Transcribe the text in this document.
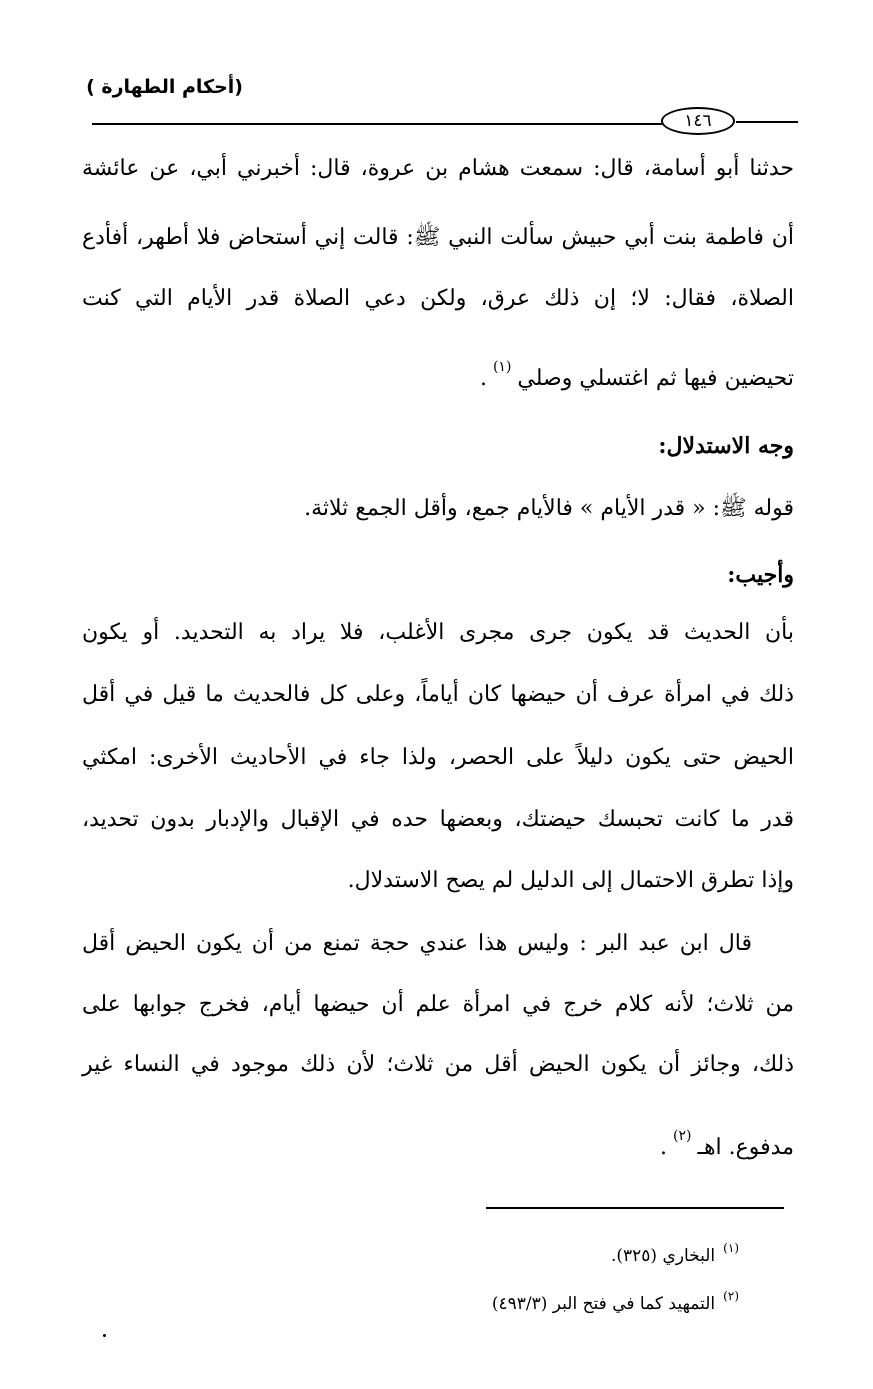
(أحكام الطهارة )
١٤٦
حدثنا أبو أسامة، قال: سمعت هشام بن عروة، قال: أخبرني أبي، عن عائشة
أن فاطمة بنت أبي حبيش سألت النبي ﷺ: قالت إني أستحاض فلا أطهر، أفأدع
الصلاة، فقال: لا؛ إن ذلك عرق، ولكن دعي الصلاة قدر الأيام التي كنت
تحيضين فيها ثم اغتسلي وصلي$^{(١)}$.
وجه الاستدلال:
قوله ﷺ: « قدر الأيام » فالأيام جمع، وأقل الجمع ثلاثة.
وأجيب:
بأن الحديث قد يكون جرى مجرى الأغلب، فلا يراد به التحديد. أو يكون
ذلك في امرأة عرف أن حيضها كان أياماً، وعلى كل فالحديث ما قيل في أقل
الحيض حتى يكون دليلاً على الحصر، ولذا جاء في الأحاديث الأخرى: امكثي
قدر ما كانت تحبسك حيضتك، وبعضها حده في الإقبال والإدبار بدون تحديد،
وإذا تطرق الاحتمال إلى الدليل لم يصح الاستدلال.
قال ابن عبد البر : وليس هذا عندي حجة تمنع من أن يكون الحيض أقل
من ثلاث؛ لأنه كلام خرج في امرأة علم أن حيضها أيام، فخرج جوابها على
ذلك، وجائز أن يكون الحيض أقل من ثلاث؛ لأن ذلك موجود في النساء غير
مدفوع. اهـ$^{(٢)}$.
$^{(١)}$البخاري (٣٢٥).
$^{(٢)}$التمهيد كما في فتح البر (٤٩٣/٣)
